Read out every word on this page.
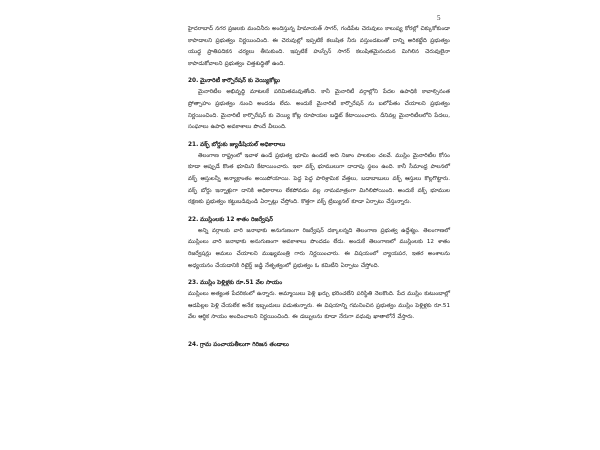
5

హైదరాబాద్ నగర ప్రజలకు మంచినీరు అందిస్తున్న హిమాయత్ సాగర్, గండిపేట చెరువులు కాలుష్య కోరల్లో చిక్కుకోకుండా కాపాడాలని ప్రభుత్వం నిర్ణయించింది. ఈ చెరువుల్లో ఇప్పటికే కలుషిత నీరు వస్తుండటంతో దాన్ని అరికట్టేది ప్రభుత్వం యుద్ధ ప్రాతిపదికన చర్యలు తీసుకుంది. ఇప్పటికే హుస్సేన్ సాగర్ కలుషితమైనందున మిగిలిన చెరువులైనా కాపాడుకోవాలని ప్రభుత్వం చిత్తశుద్ధితో ఉంది.

20. మైనారిటీ కార్పొరేషన్ కు వెయ్యికోట్లు

మైనారిటీల అభివృద్ధి మాటలకే పరిమితమవుతోంది. కానీ మైనారిటీ వర్గాల్లోని పేదల ఉపాధికి కావాల్సినంత ప్రోత్సాహం ప్రభుత్వం నుంచి అందడం లేదు. అందుకే మైనారిటీ కార్పొరేషన్ ను బలోపేతం చేయాలని ప్రభుత్వం నిర్ణయించింది. మైనారిటీ కార్పొరేషన్ కు వెయ్యి కోట్ల రూపాయల బడ్జెట్ కేటాయించారు. దీనివల్ల మైనారిటీలలోని పేదలు, సంఘాలు ఉపాధి అవకాశాలు పొందే వీలుంది.

21. వక్ఫ్ బోర్డుకు జ్యుడీషియల్ అధికారాలు

తెలంగాణ రాష్ట్రంలో ఇవాళ ఉండే ప్రభుత్వ భూమి ఉండటే అది నిజాం పాలకుల చలవే. ముస్లిం మైనారిటీల కోసం కూడా అప్పుడే కొంత భూమిని కేటాయించారు. ఇలా వక్ఫ్ భూములుగా దాదాపు స్థలం ఉంది. కానీ సీమాంధ్ర పాలనలో వక్ఫ్ ఆస్తులన్నీ అన్యాక్రాంతం అయిపోయాయి. పెద్ద పెద్ద పారిశ్రామిక వేత్తలు, బడాబాబులు వక్ఫ్ ఆస్తులు కొల్లగొట్టారు. వక్ఫ్ బోర్డు ఇన్నాళ్లుగా దానికి అధికారాలు లేకపోవడం వల్ల నామమాత్రంగా మిగిలిపోయింది. అందుకే వక్ఫ్ భూముల రక్షణకు ప్రభుత్వం కట్టుబడివుండి ఏర్పాట్లు చేస్తోంది. కొత్తగా వక్ఫ్ ట్రిబ్యునల్ కూడా ఏర్పాటు చేస్తున్నారు.

22. ముస్లింలకు 12 శాతం రిజర్వేషన్

అన్ని వర్గాలకు వారి జనాభాకు అనుగుణంగా రిజర్వేషన్ దక్కాలన్నది తెలంగాణ ప్రభుత్వ ఉద్దేశ్యం. తెలంగాణలో ముస్లింలు వారి జనాభాకు అనుగుణంగా అవకాశాలు పొందడం లేదు. అందుకే తెలంగాణలో ముస్లింలకు 12 శాతం రిజర్వేషన్లు అమలు చేయాలని ముఖ్యమంత్రి గారు నిర్ణయించారు. ఈ విషయంలో న్యాయపర, ఇతర అంశాలను అధ్యయనం చేయడానికి రిటైర్డ్ జడ్జి నేతృత్వంలో ప్రభుత్వం ఓ కమిటీని ఏర్పాటు చేస్తోంది.

23. ముస్లిం పెళ్లిళ్లకు రూ.51 వేల సాయం

ముస్లింలు అత్యంత పేదరికంలో ఉన్నారు. అమ్మాయిలు పెళ్లి ఖర్చు భరించలేని పరిస్థితి నెలకొంది. పేద ముస్లిం కుటుంబాల్లో ఆడపిల్లల పెళ్లి చేయలేక అనేక ఇబ్బందులు పడుతున్నారు. ఈ విషయాన్ని గమనించిన ప్రభుత్వం ముస్లిం పెళ్లిళ్లకు రూ.51 వేల ఆర్థిక సాయం అందించాలని నిర్ణయించింది. ఈ డబ్బులను కూడా నేరుగా వధువు ఖాతాలోనే వేస్తారు.

24. గ్రామ పంచాయతీలుగా గిరిజన తండాలు
